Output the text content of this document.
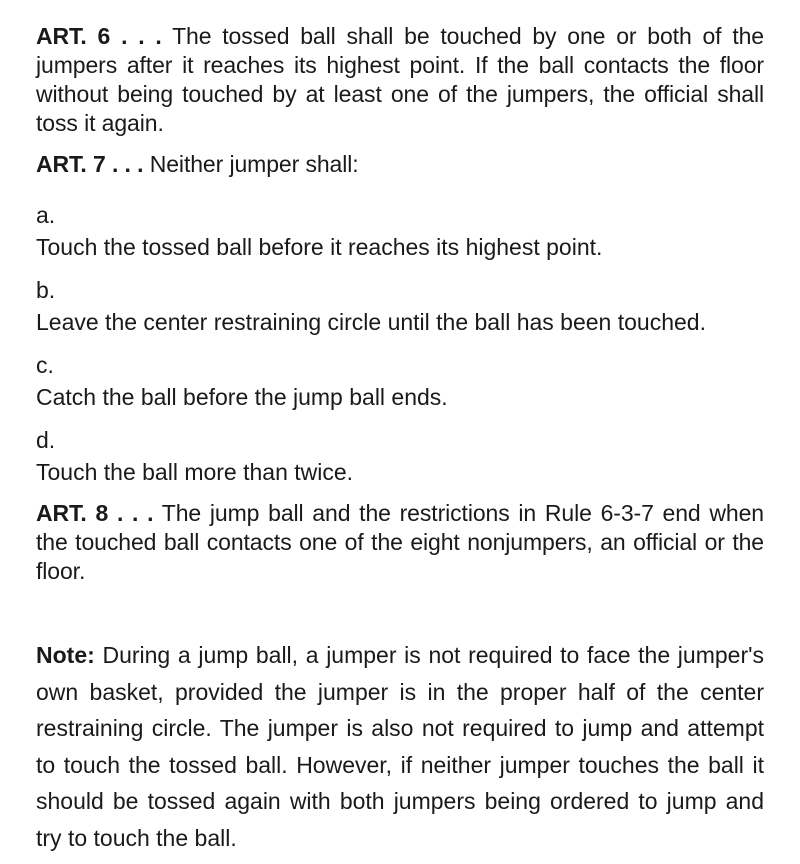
ART. 6 . . . The tossed ball shall be touched by one or both of the jumpers after it reaches its highest point. If the ball contacts the floor without being touched by at least one of the jumpers, the official shall toss it again.

ART. 7 . . . Neither jumper shall:

a.
Touch the tossed ball before it reaches its highest point.
b.
Leave the center restraining circle until the ball has been touched.
c.
Catch the ball before the jump ball ends.
d.
Touch the ball more than twice.

ART. 8 . . . The jump ball and the restrictions in Rule 6-3-7 end when the touched ball contacts one of the eight nonjumpers, an official or the floor.

Note: During a jump ball, a jumper is not required to face the jumper's own basket, provided the jumper is in the proper half of the center restraining circle. The jumper is also not required to jump and attempt to touch the tossed ball. However, if neither jumper touches the ball it should be tossed again with both jumpers being ordered to jump and try to touch the ball.
